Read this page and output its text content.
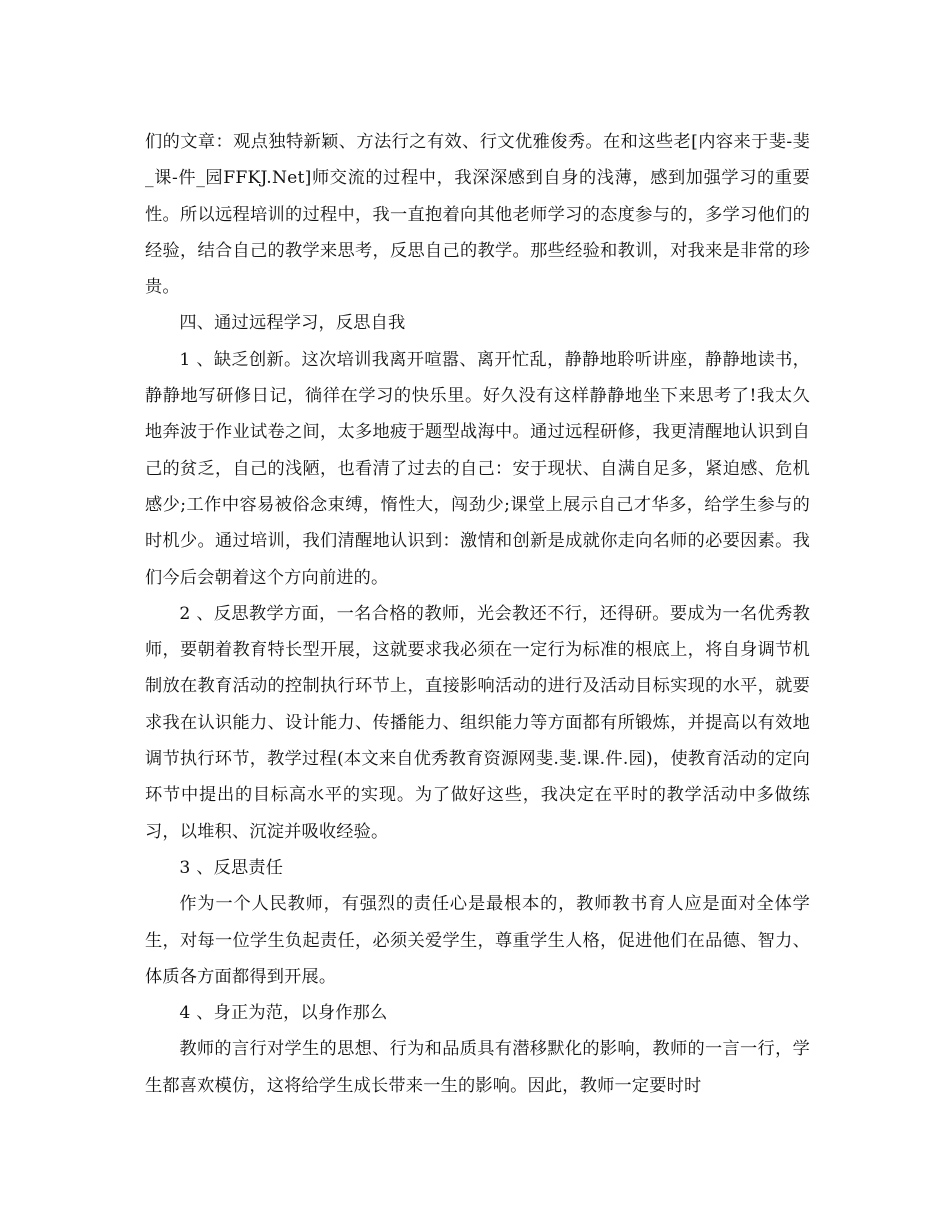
们的文章：观点独特新颖、方法行之有效、行文优雅俊秀。在和这些老[内容来于斐-斐_课-件_园FFKJ.Net]师交流的过程中，我深深感到自身的浅薄，感到加强学习的重要性。所以远程培训的过程中，我一直抱着向其他老师学习的态度参与的，多学习他们的经验，结合自己的教学来思考，反思自己的教学。那些经验和教训，对我来是非常的珍贵。

四、通过远程学习，反思自我

1 、缺乏创新。这次培训我离开喧嚣、离开忙乱，静静地聆听讲座，静静地读书，静静地写研修日记，徜徉在学习的快乐里。好久没有这样静静地坐下来思考了!我太久地奔波于作业试卷之间，太多地疲于题型战海中。通过远程研修，我更清醒地认识到自己的贫乏，自己的浅陋，也看清了过去的自己：安于现状、自满自足多，紧迫感、危机感少;工作中容易被俗念束缚，惰性大，闯劲少;课堂上展示自己才华多，给学生参与的时机少。通过培训，我们清醒地认识到：激情和创新是成就你走向名师的必要因素。我们今后会朝着这个方向前进的。

2 、反思教学方面，一名合格的教师，光会教还不行，还得研。要成为一名优秀教师，要朝着教育特长型开展，这就要求我必须在一定行为标准的根底上，将自身调节机制放在教育活动的控制执行环节上，直接影响活动的进行及活动目标实现的水平，就要求我在认识能力、设计能力、传播能力、组织能力等方面都有所锻炼，并提高以有效地调节执行环节，教学过程(本文来自优秀教育资源网斐.斐.课.件.园)，使教育活动的定向环节中提出的目标高水平的实现。为了做好这些，我决定在平时的教学活动中多做练习，以堆积、沉淀并吸收经验。

3 、反思责任

作为一个人民教师，有强烈的责任心是最根本的，教师教书育人应是面对全体学生，对每一位学生负起责任，必须关爱学生，尊重学生人格，促进他们在品德、智力、体质各方面都得到开展。

4 、身正为范，以身作那么

教师的言行对学生的思想、行为和品质具有潜移默化的影响，教师的一言一行，学生都喜欢模仿，这将给学生成长带来一生的影响。因此，教师一定要时时
